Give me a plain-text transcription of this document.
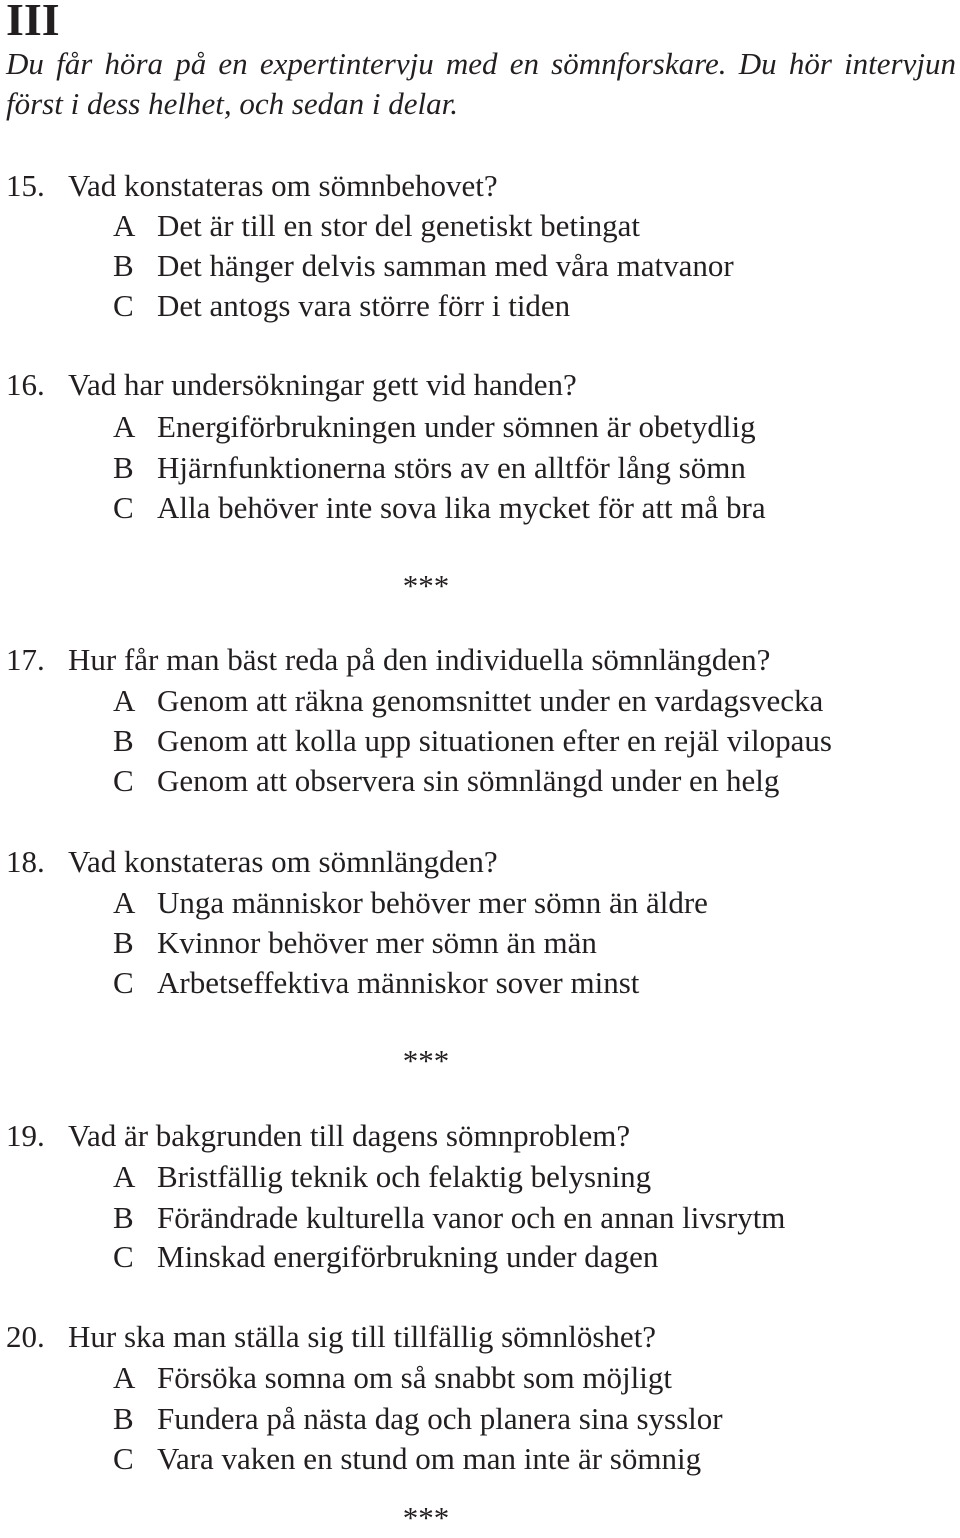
III
Du får höra på en expertintervju med en sömnforskare. Du hör intervjun först i dess helhet, och sedan i delar.
15. Vad konstateras om sömnbehovet?
A Det är till en stor del genetiskt betingat
B Det hänger delvis samman med våra matvanor
C Det antogs vara större förr i tiden
16. Vad har undersökningar gett vid handen?
A Energiförbrukningen under sömnen är obetydlig
B Hjärnfunktionerna störs av en alltför lång sömn
C Alla behöver inte sova lika mycket för att må bra
***
17. Hur får man bäst reda på den individuella sömnlängden?
A Genom att räkna genomsnittet under en vardagsvecka
B Genom att kolla upp situationen efter en rejäl vilopaus
C Genom att observera sin sömnlängd under en helg
18. Vad konstateras om sömnlängden?
A Unga människor behöver mer sömn än äldre
B Kvinnor behöver mer sömn än män
C Arbetseffektiva människor sover minst
***
19. Vad är bakgrunden till dagens sömnproblem?
A Bristfällig teknik och felaktig belysning
B Förändrade kulturella vanor och en annan livsrytm
C Minskad energiförbrukning under dagen
20. Hur ska man ställa sig till tillfällig sömnlöshet?
A Försöka somna om så snabbt som möjligt
B Fundera på nästa dag och planera sina sysslor
C Vara vaken en stund om man inte är sömnig
***
